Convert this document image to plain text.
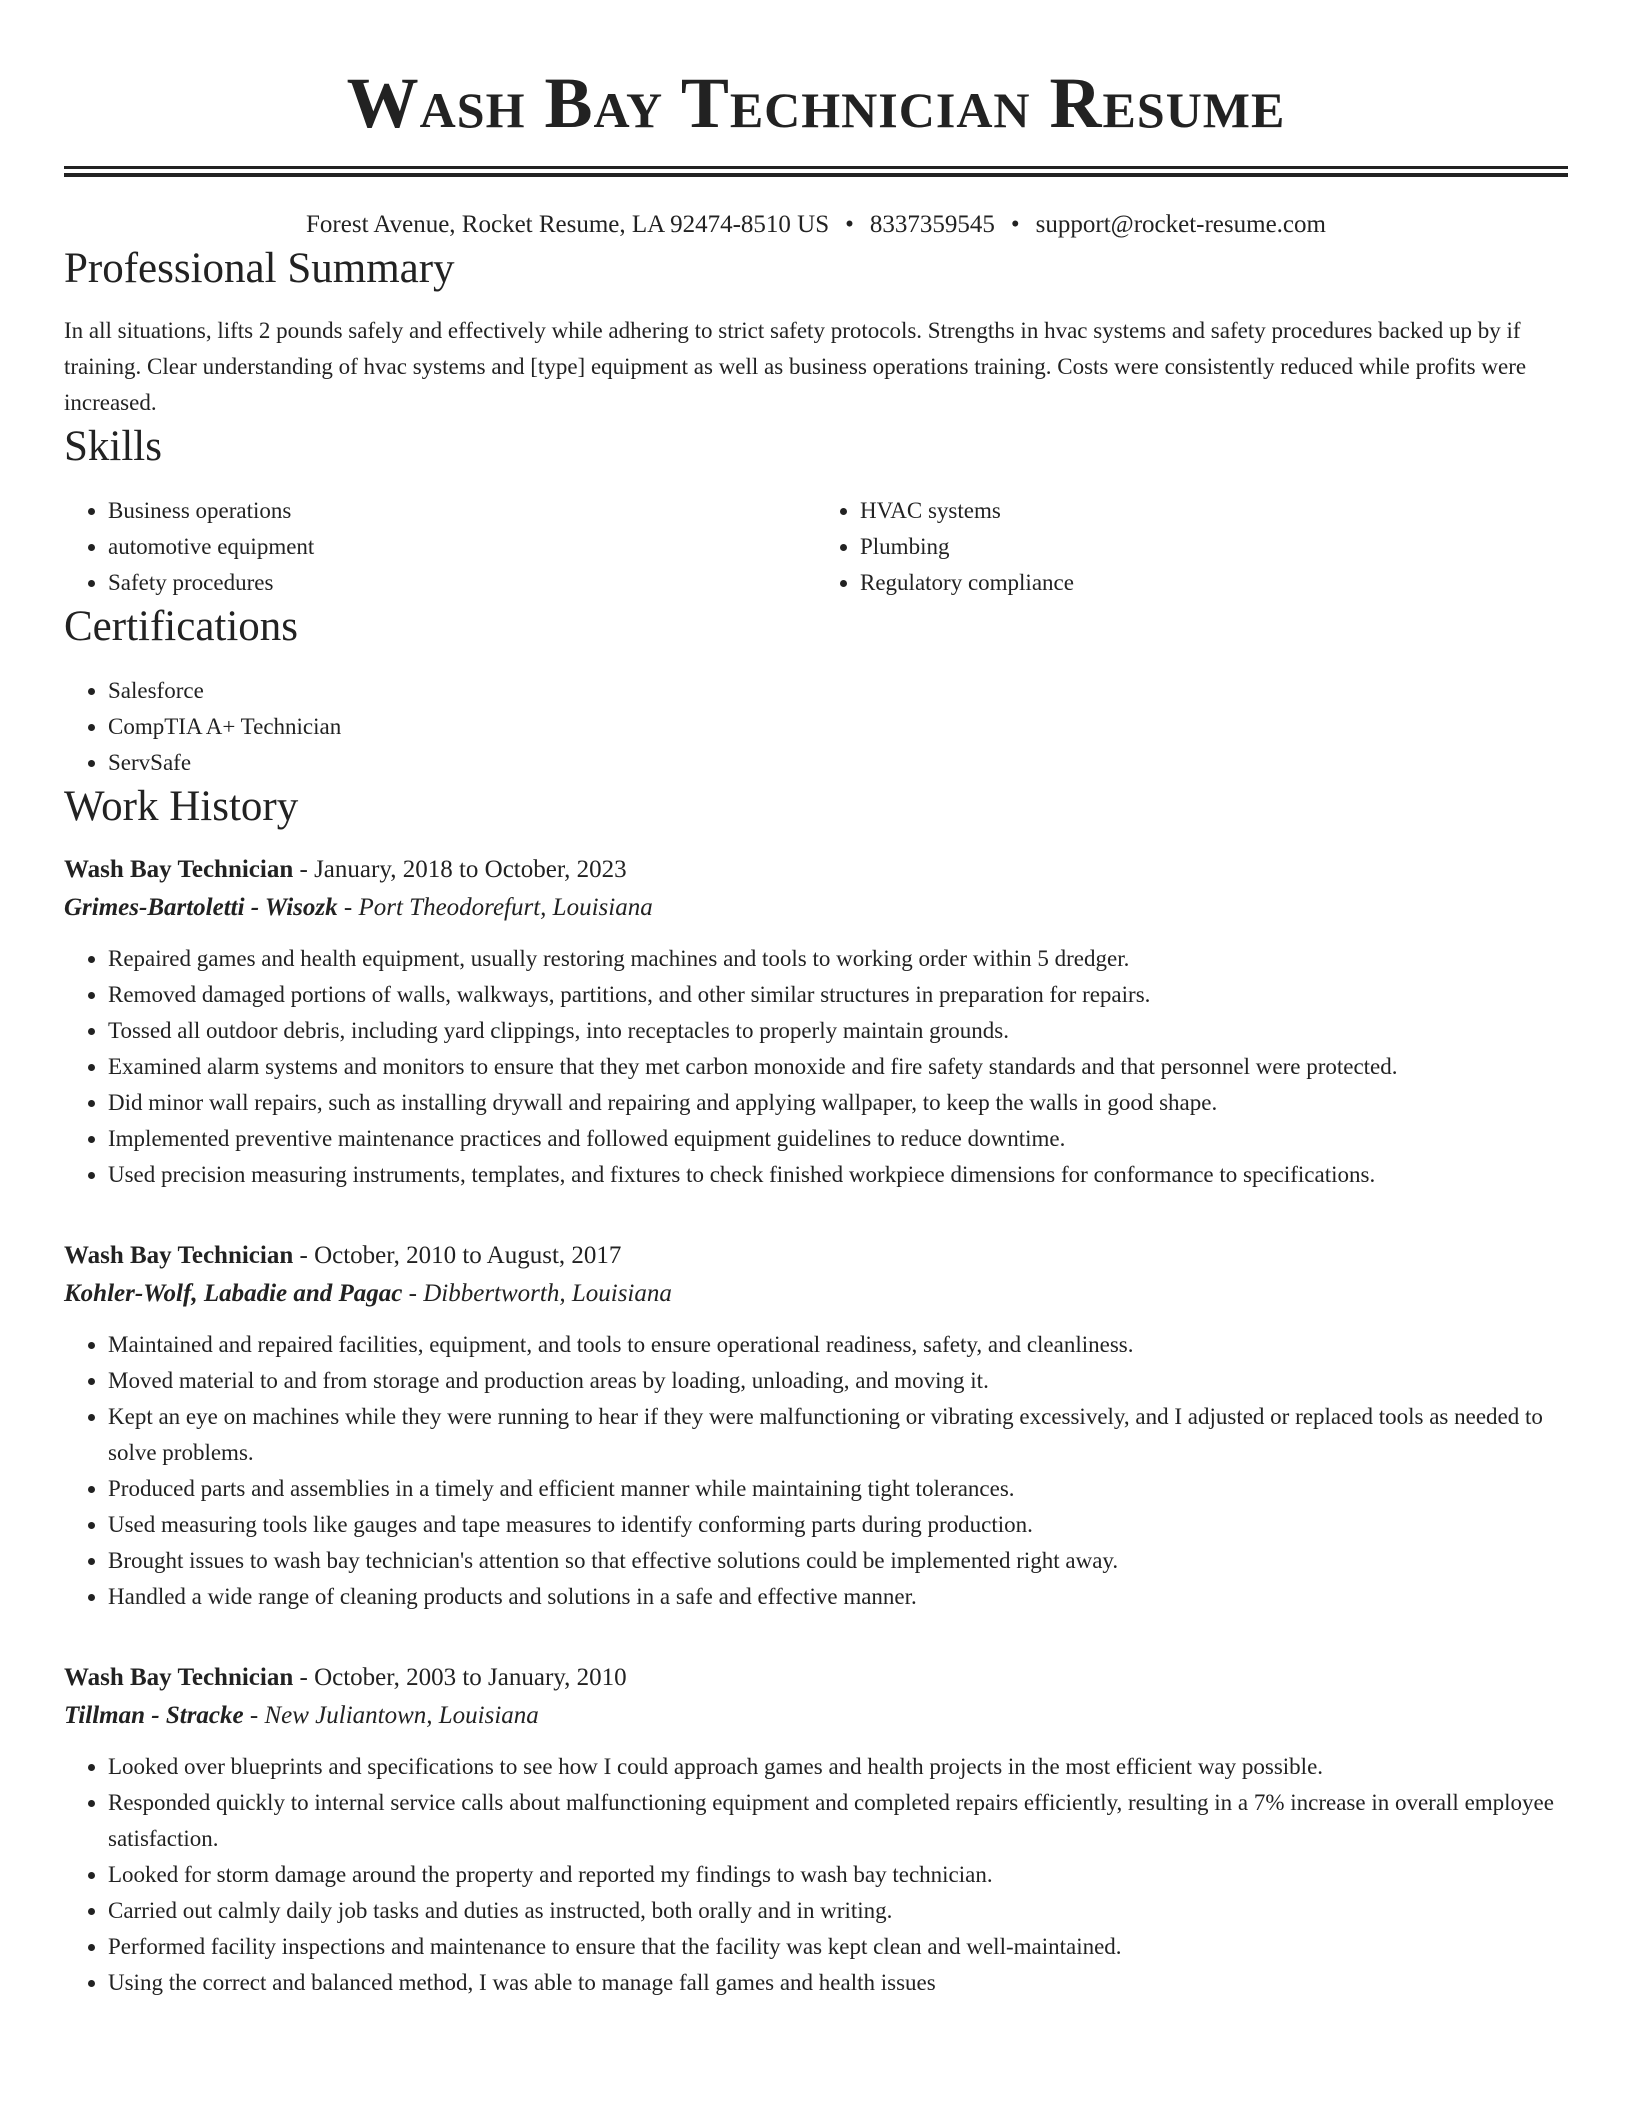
Wash Bay Technician Resume
Forest Avenue, Rocket Resume, LA 92474-8510 US • 8337359545 • support@rocket-resume.com
Professional Summary

In all situations, lifts 2 pounds safely and effectively while adhering to strict safety protocols. Strengths in hvac systems and safety procedures backed up by if training. Clear understanding of hvac systems and [type] equipment as well as business operations training. Costs were consistently reduced while profits were increased.

Skills
• Business operations
• automotive equipment
• Safety procedures
• HVAC systems
• Plumbing
• Regulatory compliance
Certifications
• Salesforce
• CompTIA A+ Technician
• ServSafe
Work History
Wash Bay Technician - January, 2018 to October, 2023
Grimes-Bartoletti - Wisozk - Port Theodorefurt, Louisiana
• Repaired games and health equipment, usually restoring machines and tools to working order within 5 dredger.
• Removed damaged portions of walls, walkways, partitions, and other similar structures in preparation for repairs.
• Tossed all outdoor debris, including yard clippings, into receptacles to properly maintain grounds.
• Examined alarm systems and monitors to ensure that they met carbon monoxide and fire safety standards and that personnel were protected.
• Did minor wall repairs, such as installing drywall and repairing and applying wallpaper, to keep the walls in good shape.
• Implemented preventive maintenance practices and followed equipment guidelines to reduce downtime.
• Used precision measuring instruments, templates, and fixtures to check finished workpiece dimensions for conformance to specifications.
Wash Bay Technician - October, 2010 to August, 2017
Kohler-Wolf, Labadie and Pagac - Dibbertworth, Louisiana
• Maintained and repaired facilities, equipment, and tools to ensure operational readiness, safety, and cleanliness.
• Moved material to and from storage and production areas by loading, unloading, and moving it.
• Kept an eye on machines while they were running to hear if they were malfunctioning or vibrating excessively, and I adjusted or replaced tools as needed to solve problems.
• Produced parts and assemblies in a timely and efficient manner while maintaining tight tolerances.
• Used measuring tools like gauges and tape measures to identify conforming parts during production.
• Brought issues to wash bay technician's attention so that effective solutions could be implemented right away.
• Handled a wide range of cleaning products and solutions in a safe and effective manner.
Wash Bay Technician - October, 2003 to January, 2010
Tillman - Stracke - New Juliantown, Louisiana
• Looked over blueprints and specifications to see how I could approach games and health projects in the most efficient way possible.
• Responded quickly to internal service calls about malfunctioning equipment and completed repairs efficiently, resulting in a 7% increase in overall employee satisfaction.
• Looked for storm damage around the property and reported my findings to wash bay technician.
• Carried out calmly daily job tasks and duties as instructed, both orally and in writing.
• Performed facility inspections and maintenance to ensure that the facility was kept clean and well-maintained.
• Using the correct and balanced method, I was able to manage fall games and health issues
